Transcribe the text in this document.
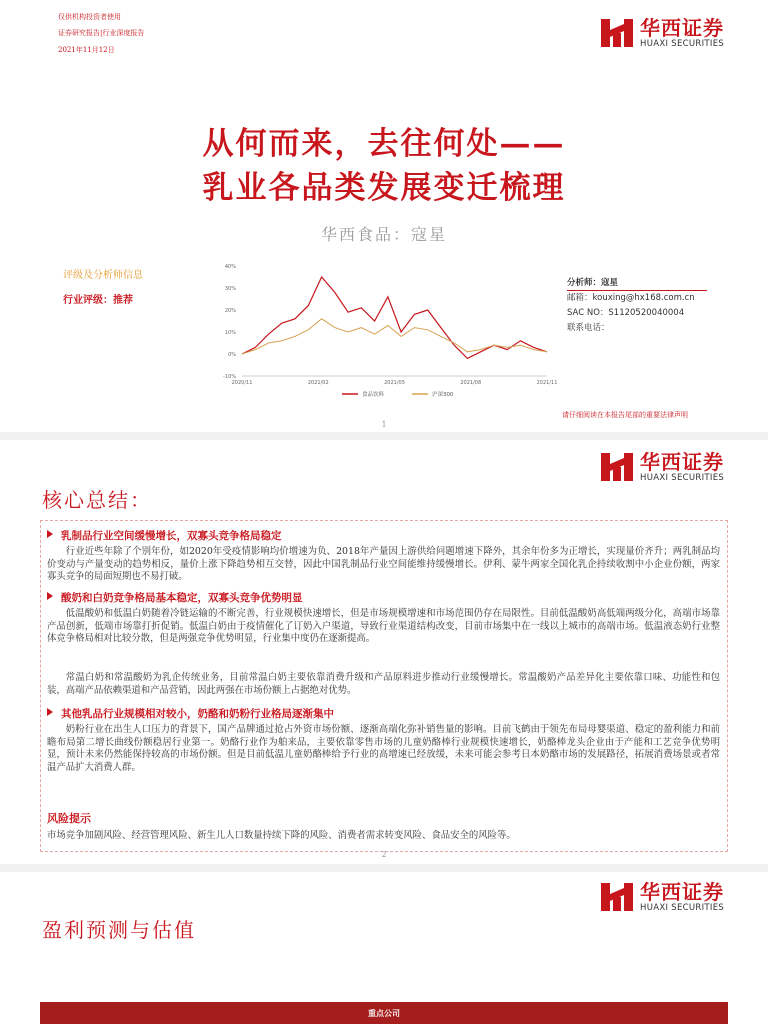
仅供机构投资者使用
证券研究报告|行业深度报告
2021年11月12日
华西证券
HUAXI SECURITIES
从何而来，去往何处——
乳业各品类发展变迁梳理
华西食品：寇星
评级及分析师信息
行业评级：推荐
40%
30%
20%
10%
0%
-10%
2020/11	2021/02	2021/05	2021/08	2021/11
食品饮料	沪深300
分析师：寇星
邮箱：kouxing@hx168.com.cn
SAC NO：S1120520040004
联系电话：
请仔细阅读在本报告尾部的重要法律声明
1
华西证券
HUAXI SECURITIES
核心总结：
乳制品行业空间缓慢增长，双寡头竞争格局稳定
行业近些年除了个别年份，如2020年受疫情影响均价增速为负、2018年产量因上游供给问题增速下降外，其余年份多为正增长，实现量价齐升；两乳制品均价变动与产量变动的趋势相反，量价上涨下降趋势相互交替，因此中国乳制品行业空间能维持缓慢增长。伊利、蒙牛两家全国化乳企持续收割中小企业份额，两家寡头竞争的局面短期也不易打破。
酸奶和白奶竞争格局基本稳定，双寡头竞争优势明显
低温酸奶和低温白奶随着冷链运输的不断完善，行业规模快速增长，但是市场规模增速和市场范围仍存在局限性。目前低温酸奶高低端两级分化，高端市场靠产品创新，低端市场靠打折促销。低温白奶由于疫情催化了订奶入户渠道，导致行业渠道结构改变，目前市场集中在一线以上城市的高端市场。低温液态奶行业整体竞争格局相对比较分散，但是两强竞争优势明显，行业集中度仍在逐渐提高。
常温白奶和常温酸奶为乳企传统业务，目前常温白奶主要依靠消费升级和产品原料进步推动行业缓慢增长。常温酸奶产品差异化主要依靠口味、功能性和包装，高端产品依赖渠道和产品营销，因此两强在市场份额上占据绝对优势。
其他乳品行业规模相对较小，奶酪和奶粉行业格局逐渐集中
奶粉行业在出生人口压力的背景下，国产品牌通过抢占外资市场份额、逐渐高端化弥补销售量的影响。目前飞鹤由于领先布局母婴渠道、稳定的盈利能力和前瞻布局第二增长曲线份额稳居行业第一。奶酪行业作为舶来品，主要依靠零售市场的儿童奶酪棒行业规模快速增长，奶酪棒龙头企业由于产能和工艺竞争优势明显，预计未来仍然能保持较高的市场份额。但是目前低温儿童奶酪棒给予行业的高增速已经放缓，未来可能会参考日本奶酪市场的发展路径，拓展消费场景或者常温产品扩大消费人群。
风险提示
市场竞争加剧风险、经营管理风险、新生儿人口数量持续下降的风险、消费者需求转变风险、食品安全的风险等。
2
华西证券
HUAXI SECURITIES
盈利预测与估值
重点公司
